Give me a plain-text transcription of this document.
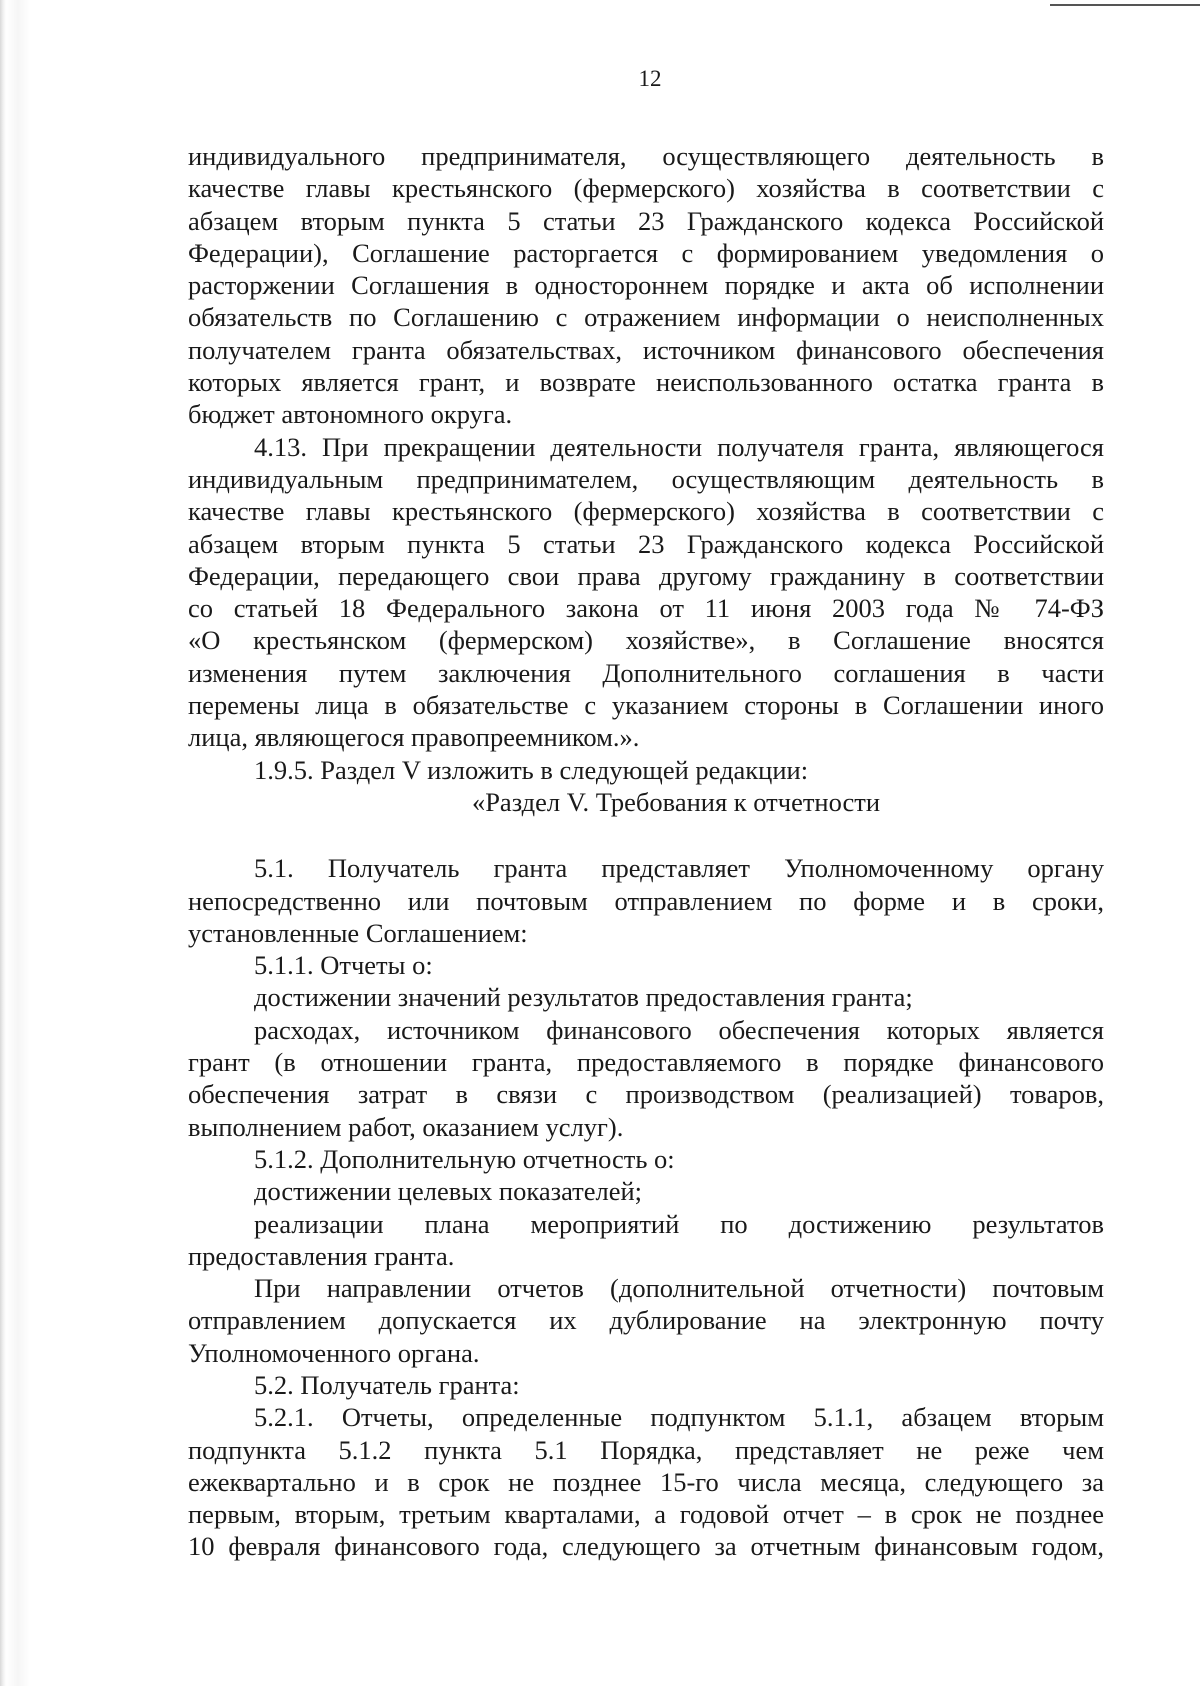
12

индивидуального предпринимателя, осуществляющего деятельность в
качестве главы крестьянского (фермерского) хозяйства в соответствии с
абзацем вторым пункта 5 статьи 23 Гражданского кодекса Российской
Федерации), Соглашение расторгается с формированием уведомления о
расторжении Соглашения в одностороннем порядке и акта об исполнении
обязательств по Соглашению с отражением информации о неисполненных
получателем гранта обязательствах, источником финансового обеспечения
которых является грант, и возврате неиспользованного остатка гранта в
бюджет автономного округа.

4.13. При прекращении деятельности получателя гранта, являющегося
индивидуальным предпринимателем, осуществляющим деятельность в
качестве главы крестьянского (фермерского) хозяйства в соответствии с
абзацем вторым пункта 5 статьи 23 Гражданского кодекса Российской
Федерации, передающего свои права другому гражданину в соответствии
со статьей 18 Федерального закона от 11 июня 2003 года № 74-ФЗ
«О крестьянском (фермерском) хозяйстве», в Соглашение вносятся
изменения путем заключения Дополнительного соглашения в части
перемены лица в обязательстве с указанием стороны в Соглашении иного
лица, являющегося правопреемником.».

1.9.5. Раздел V изложить в следующей редакции:

«Раздел V. Требования к отчетности

5.1. Получатель гранта представляет Уполномоченному органу
непосредственно или почтовым отправлением по форме и в сроки,
установленные Соглашением:

5.1.1. Отчеты о:

достижении значений результатов предоставления гранта;

расходах, источником финансового обеспечения которых является
грант (в отношении гранта, предоставляемого в порядке финансового
обеспечения затрат в связи с производством (реализацией) товаров,
выполнением работ, оказанием услуг).

5.1.2. Дополнительную отчетность о:

достижении целевых показателей;

реализации плана мероприятий по достижению результатов
предоставления гранта.

При направлении отчетов (дополнительной отчетности) почтовым
отправлением допускается их дублирование на электронную почту
Уполномоченного органа.

5.2. Получатель гранта:

5.2.1. Отчеты, определенные подпунктом 5.1.1, абзацем вторым
подпункта 5.1.2 пункта 5.1 Порядка, представляет не реже чем
ежеквартально и в срок не позднее 15-го числа месяца, следующего за
первым, вторым, третьим кварталами, а годовой отчет – в срок не позднее
10 февраля финансового года, следующего за отчетным финансовым годом,
